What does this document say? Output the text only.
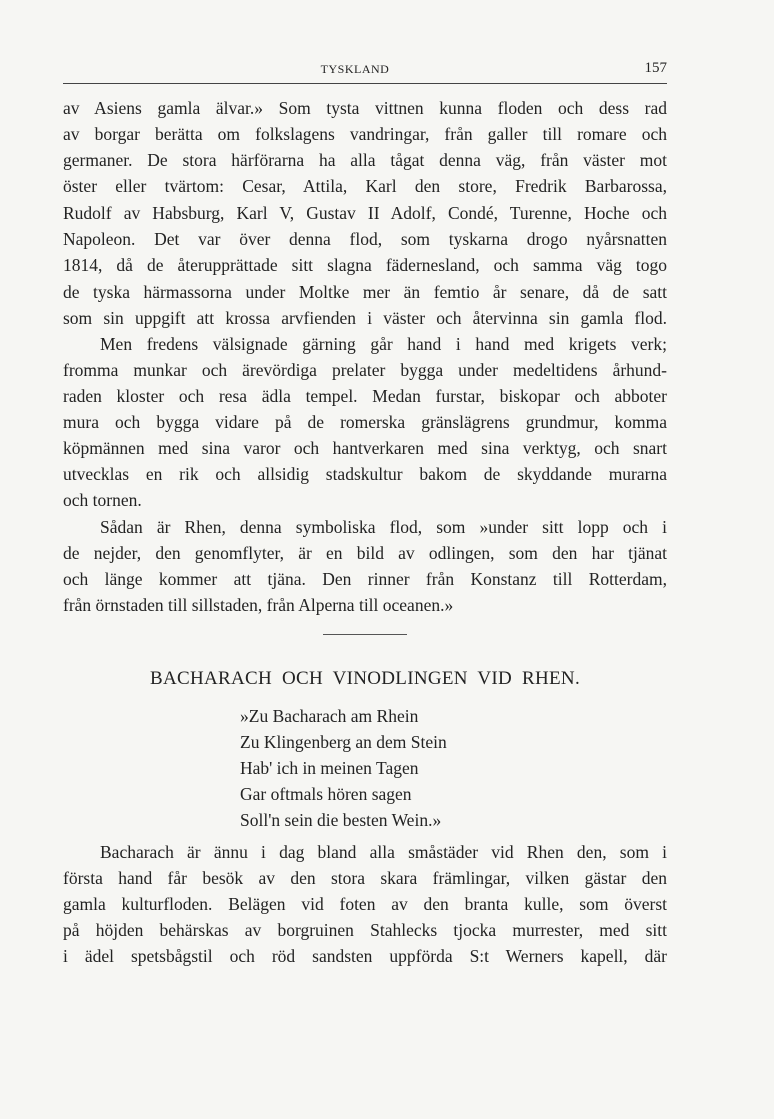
TYSKLAND	157
av Asiens gamla älvar.» Som tysta vittnen kunna floden och dess rad
av borgar berätta om folkslagens vandringar, från galler till romare och
germaner. De stora härförarna ha alla tågat denna väg, från väster mot
öster eller tvärtom: Cesar, Attila, Karl den store, Fredrik Barbarossa,
Rudolf av Habsburg, Karl V, Gustav II Adolf, Condé, Turenne, Hoche och
Napoleon. Det var över denna flod, som tyskarna drogo nyårsnatten
1814, då de återupprättade sitt slagna fädernesland, och samma väg togo
de tyska härmassorna under Moltke mer än femtio år senare, då de satt
som sin uppgift att krossa arvfienden i väster och återvinna sin gamla flod.
Men fredens välsignade gärning går hand i hand med krigets verk;
fromma munkar och ärevördiga prelater bygga under medeltidens århund-
raden kloster och resa ädla tempel. Medan furstar, biskopar och abboter
mura och bygga vidare på de romerska gränslägrens grundmur, komma
köpmännen med sina varor och hantverkaren med sina verktyg, och snart
utvecklas en rik och allsidig stadskultur bakom de skyddande murarna
och tornen.
Sådan är Rhen, denna symboliska flod, som »under sitt lopp och i
de nejder, den genomflyter, är en bild av odlingen, som den har tjänat
och länge kommer att tjäna. Den rinner från Konstanz till Rotterdam,
från örnstaden till sillstaden, från Alperna till oceanen.»
BACHARACH OCH VINODLINGEN VID RHEN.
»Zu Bacharach am Rhein
Zu Klingenberg an dem Stein
Hab' ich in meinen Tagen
Gar oftmals hören sagen
Soll'n sein die besten Wein.»
Bacharach är ännu i dag bland alla småstäder vid Rhen den, som i
första hand får besök av den stora skara främlingar, vilken gästar den
gamla kulturfloden. Belägen vid foten av den branta kulle, som överst
på höjden behärskas av borgruinen Stahlecks tjocka murrester, med sitt
i ädel spetsbågstil och röd sandsten uppförda S:t Werners kapell, där
